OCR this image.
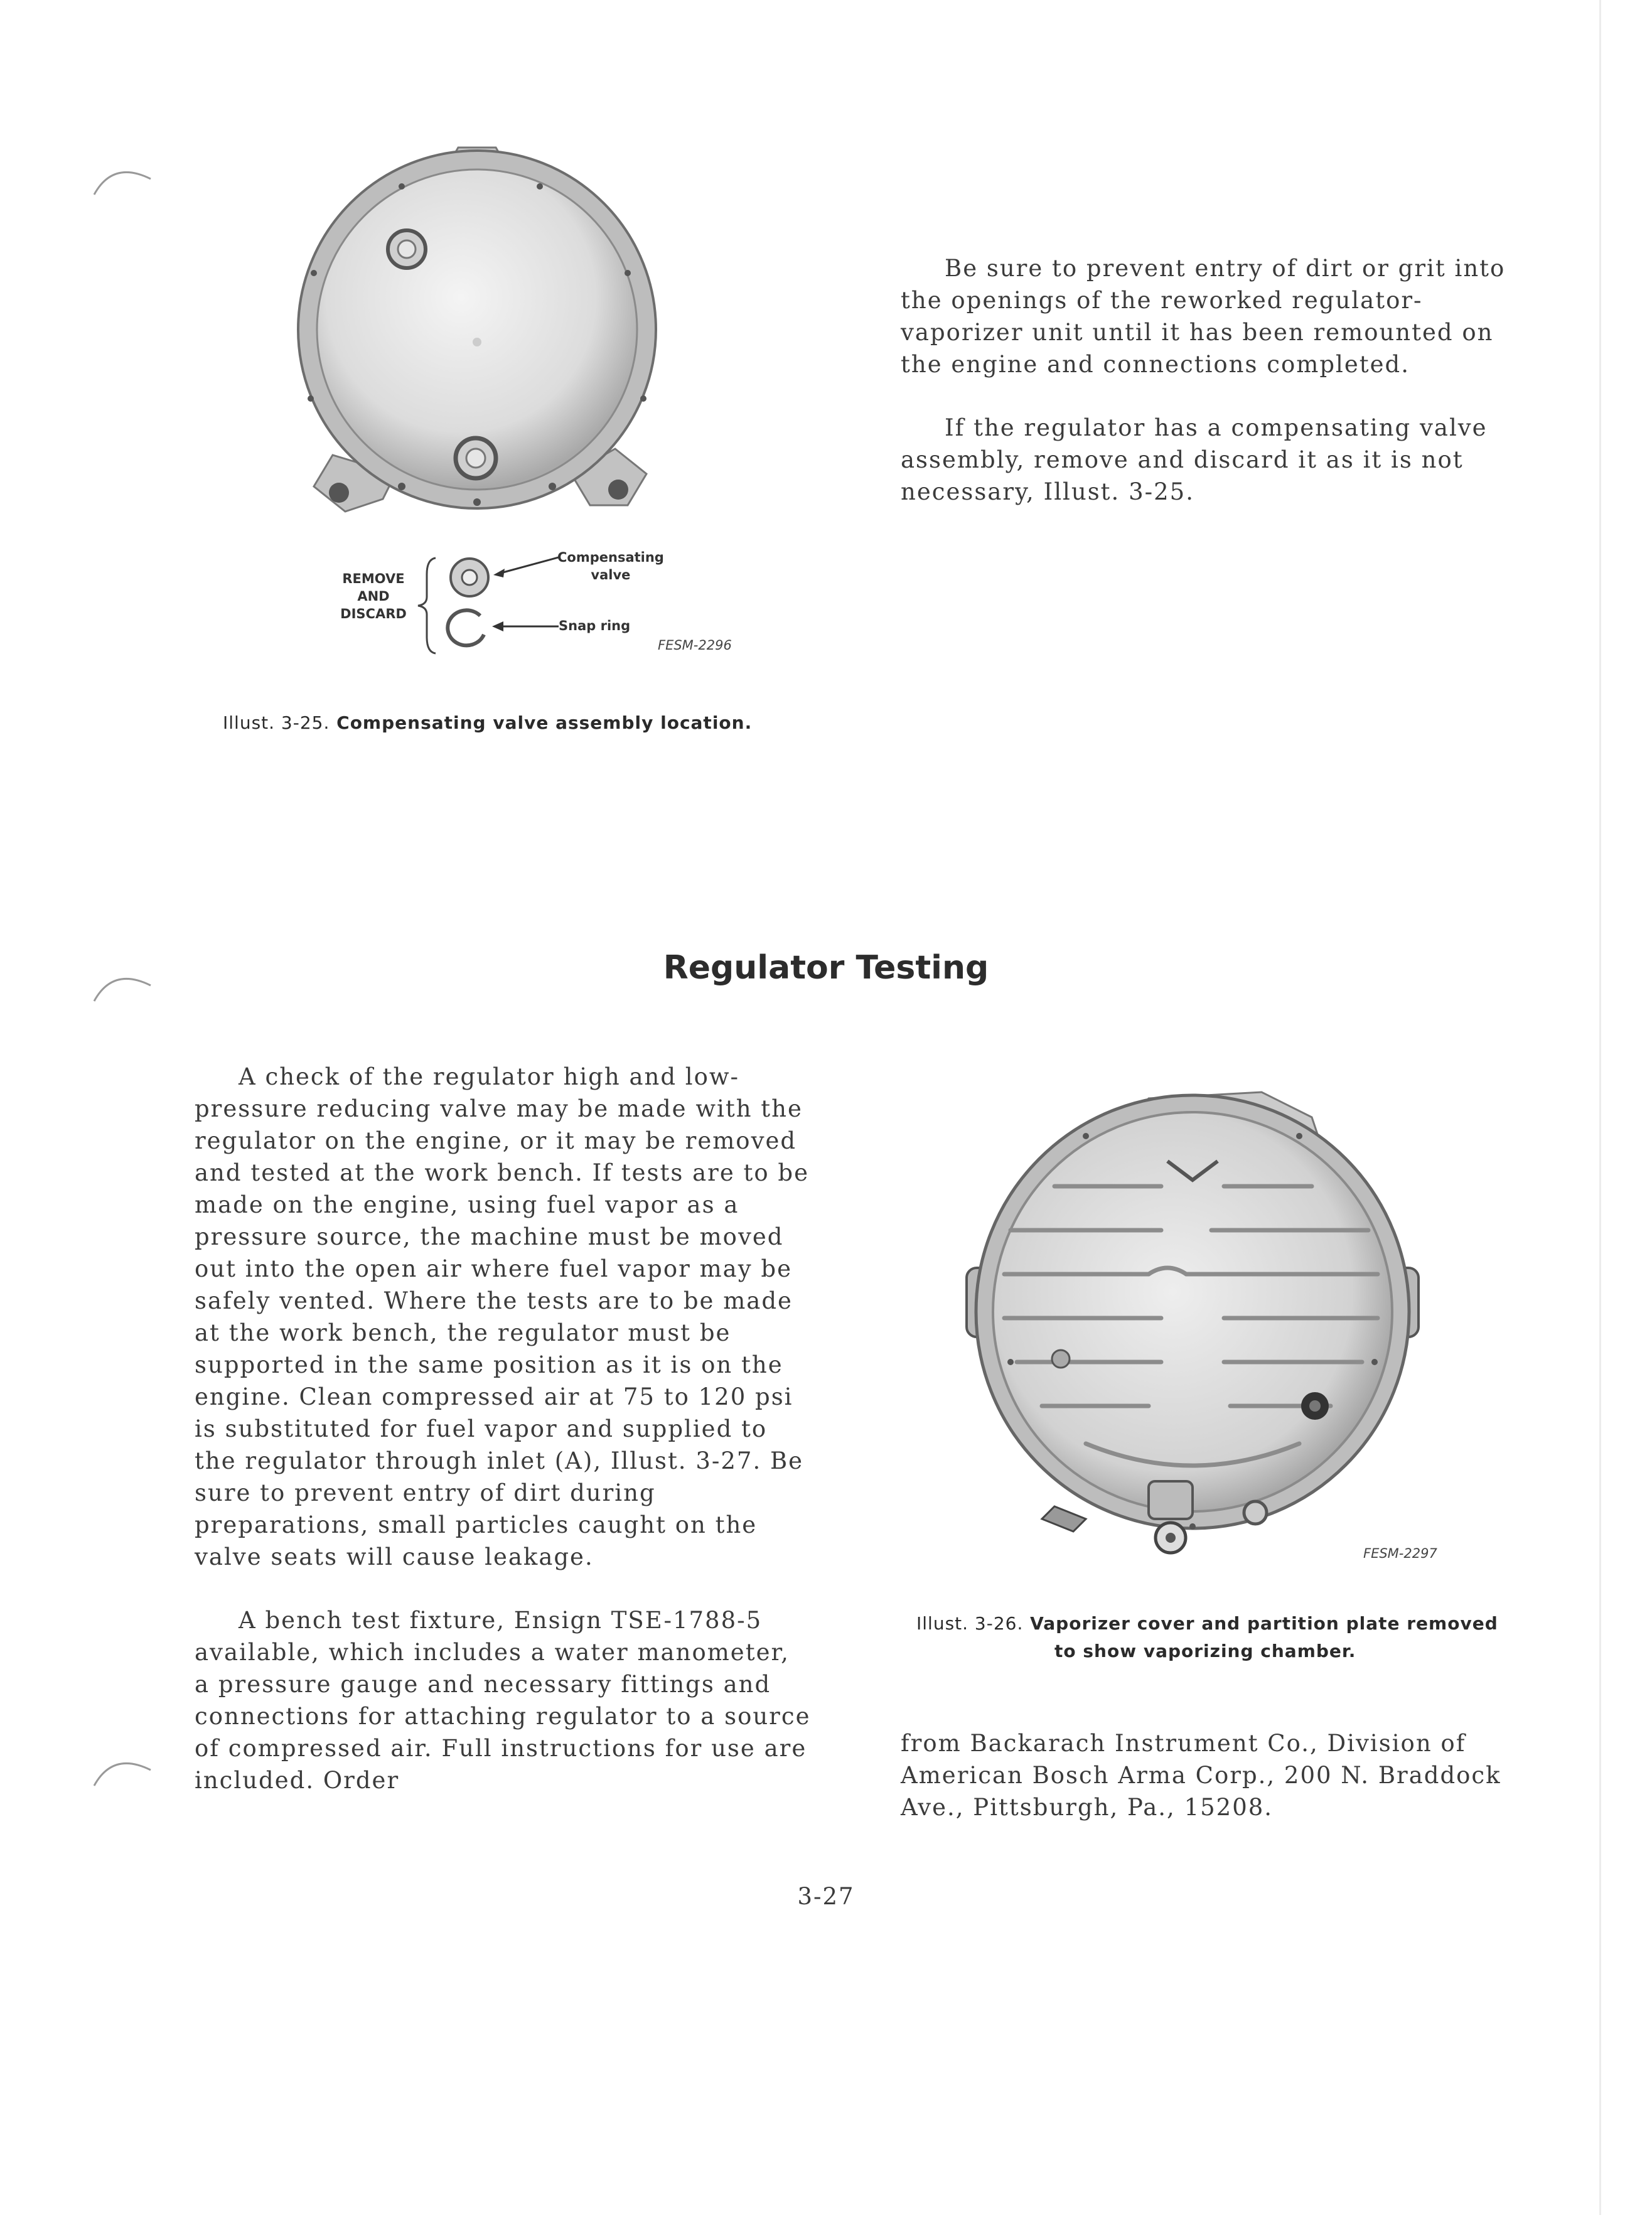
REMOVE
AND
DISCARD
Compensating
valve
Snap ring
FESM-2296
Illust. 3-25. Compensating valve assembly location.

Be sure to prevent entry of dirt or grit into the openings of the reworked regulator-vaporizer unit until it has been remounted on the engine and connections completed.

If the regulator has a compensating valve assembly, remove and discard it as it is not necessary, Illust. 3-25.

Regulator Testing

A check of the regulator high and low-pressure reducing valve may be made with the regulator on the engine, or it may be removed and tested at the work bench. If tests are to be made on the engine, using fuel vapor as a pressure source, the machine must be moved out into the open air where fuel vapor may be safely vented. Where the tests are to be made at the work bench, the regulator must be supported in the same position as it is on the engine. Clean compressed air at 75 to 120 psi is substituted for fuel vapor and supplied to the regulator through inlet (A), Illust. 3-27. Be sure to prevent entry of dirt during preparations, small particles caught on the valve seats will cause leakage.

A bench test fixture, Ensign TSE-1788-5 available, which includes a water manometer, a pressure gauge and necessary fittings and connections for attaching regulator to a source of compressed air. Full instructions for use are included. Order

FESM-2297
Illust. 3-26. Vaporizer cover and partition plate removed
to show vaporizing chamber.

from Backarach Instrument Co., Division of American Bosch Arma Corp., 200 N. Braddock Ave., Pittsburgh, Pa., 15208.

3-27
